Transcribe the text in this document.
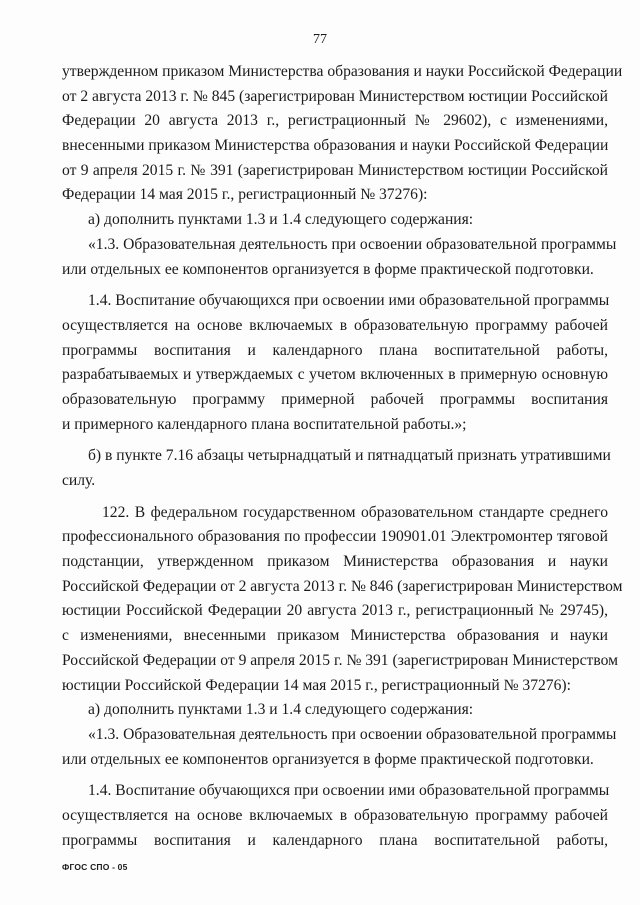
77
утвержденном приказом Министерства образования и науки Российской Федерации
от 2 августа 2013 г. № 845 (зарегистрирован Министерством юстиции Российской
Федерации 20 августа 2013 г., регистрационный № 29602), с изменениями,
внесенными приказом Министерства образования и науки Российской Федерации
от 9 апреля 2015 г. № 391 (зарегистрирован Министерством юстиции Российской
Федерации 14 мая 2015 г., регистрационный № 37276):
а) дополнить пунктами 1.3 и 1.4 следующего содержания:
«1.3. Образовательная деятельность при освоении образовательной программы
или отдельных ее компонентов организуется в форме практической подготовки.
1.4. Воспитание обучающихся при освоении ими образовательной программы
осуществляется на основе включаемых в образовательную программу рабочей
программы воспитания и календарного плана воспитательной работы,
разрабатываемых и утверждаемых с учетом включенных в примерную основную
образовательную программу примерной рабочей программы воспитания
и примерного календарного плана воспитательной работы.»;
б) в пункте 7.16 абзацы четырнадцатый и пятнадцатый признать утратившими
силу.
122. В федеральном государственном образовательном стандарте среднего
профессионального образования по профессии 190901.01 Электромонтер тяговой
подстанции, утвержденном приказом Министерства образования и науки
Российской Федерации от 2 августа 2013 г. № 846 (зарегистрирован Министерством
юстиции Российской Федерации 20 августа 2013 г., регистрационный № 29745),
с изменениями, внесенными приказом Министерства образования и науки
Российской Федерации от 9 апреля 2015 г. № 391 (зарегистрирован Министерством
юстиции Российской Федерации 14 мая 2015 г., регистрационный № 37276):
а) дополнить пунктами 1.3 и 1.4 следующего содержания:
«1.3. Образовательная деятельность при освоении образовательной программы
или отдельных ее компонентов организуется в форме практической подготовки.
1.4. Воспитание обучающихся при освоении ими образовательной программы
осуществляется на основе включаемых в образовательную программу рабочей
программы воспитания и календарного плана воспитательной работы,
ФГОС СПО - 05
